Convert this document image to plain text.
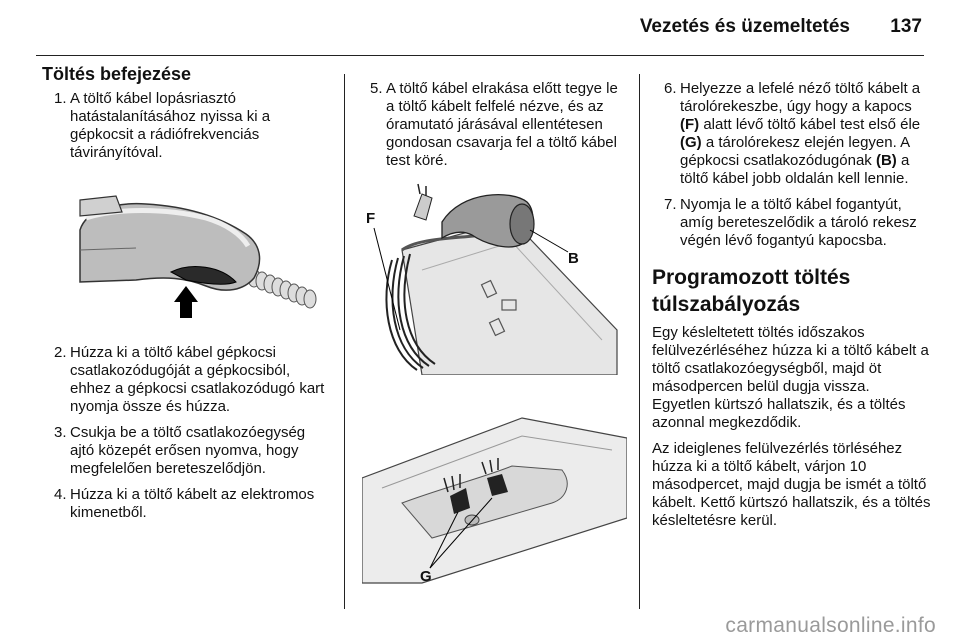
Vezetés és üzemeltetés 137
Töltés befejezése
1. A töltő kábel lopásriasztó hatástalanításához nyissa ki a gépkocsit a rádiófrekvenciás távirányítóval.
2. Húzza ki a töltő kábel gépkocsi csatlakozódugóját a gépkocsiból, ehhez a gépkocsi csatlakozódugó kart nyomja össze és húzza.
3. Csukja be a töltő csatlakozóegység ajtó közepét erősen nyomva, hogy megfelelően bereteszelődjön.
4. Húzza ki a töltő kábelt az elektromos kimenetből.
5. A töltő kábel elrakása előtt tegye le a töltő kábelt felfelé nézve, és az óramutató járásával ellentétesen gondosan csavarja fel a töltő kábel test köré.
F
B
G
6. Helyezze a lefelé néző töltő kábelt a tárolórekeszbe, úgy hogy a kapocs (F) alatt lévő töltő kábel test első éle (G) a tárolórekesz elején legyen. A gépkocsi csatlakozódugónak (B) a töltő kábel jobb oldalán kell lennie.
7. Nyomja le a töltő kábel fogantyút, amíg bereteszelődik a tároló rekesz végén lévő fogantyú kapocsba.
Programozott töltés túlszabályozás

Egy késleltetett töltés időszakos felülvezérléséhez húzza ki a töltő kábelt a töltő csatlakozóegységből, majd öt másodpercen belül dugja vissza. Egyetlen kürtszó hallatszik, és a töltés azonnal megkezdődik.

Az ideiglenes felülvezérlés törléséhez húzza ki a töltő kábelt, várjon 10 másodpercet, majd dugja be ismét a töltő kábelt. Kettő kürtszó hallatszik, és a töltés késleltetésre kerül.

carmanualsonline.info
